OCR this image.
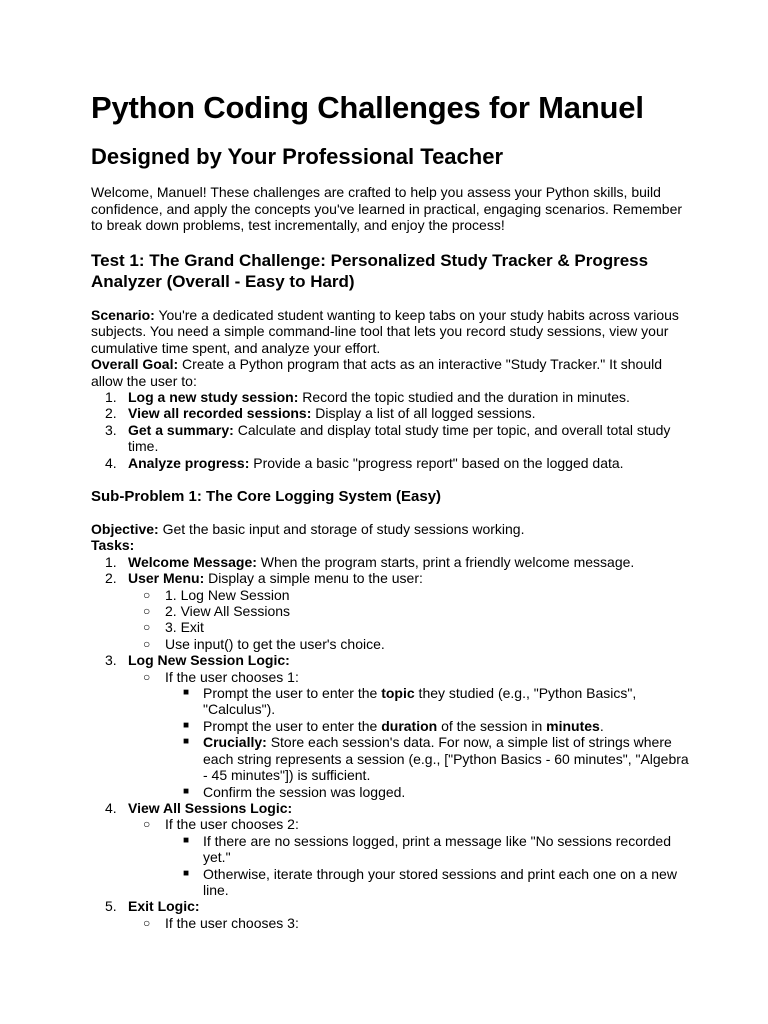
Python Coding Challenges for Manuel
Designed by Your Professional Teacher

Welcome, Manuel! These challenges are crafted to help you assess your Python skills, build confidence, and apply the concepts you've learned in practical, engaging scenarios. Remember to break down problems, test incrementally, and enjoy the process!

Test 1: The Grand Challenge: Personalized Study Tracker & Progress Analyzer (Overall - Easy to Hard)

Scenario: You're a dedicated student wanting to keep tabs on your study habits across various subjects. You need a simple command-line tool that lets you record study sessions, view your cumulative time spent, and analyze your effort.

Overall Goal: Create a Python program that acts as an interactive "Study Tracker." It should allow the user to:

1. Log a new study session: Record the topic studied and the duration in minutes.
2. View all recorded sessions: Display a list of all logged sessions.
3. Get a summary: Calculate and display total study time per topic, and overall total study time.
4. Analyze progress: Provide a basic "progress report" based on the logged data.
Sub-Problem 1: The Core Logging System (Easy)

Objective: Get the basic input and storage of study sessions working.

Tasks:

1. Welcome Message: When the program starts, print a friendly welcome message.
2. User Menu: Display a simple menu to the user:
○ 1. Log New Session
○ 2. View All Sessions
○ 3. Exit
○ Use input() to get the user's choice.
3. Log New Session Logic:
○ If the user chooses 1:
■ Prompt the user to enter the topic they studied (e.g., "Python Basics", "Calculus").
■ Prompt the user to enter the duration of the session in minutes.
■ Crucially: Store each session's data. For now, a simple list of strings where each string represents a session (e.g., ["Python Basics - 60 minutes", "Algebra - 45 minutes"]) is sufficient.
■ Confirm the session was logged.
4. View All Sessions Logic:
○ If the user chooses 2:
■ If there are no sessions logged, print a message like "No sessions recorded yet."
■ Otherwise, iterate through your stored sessions and print each one on a new line.
5. Exit Logic:
○ If the user chooses 3:
